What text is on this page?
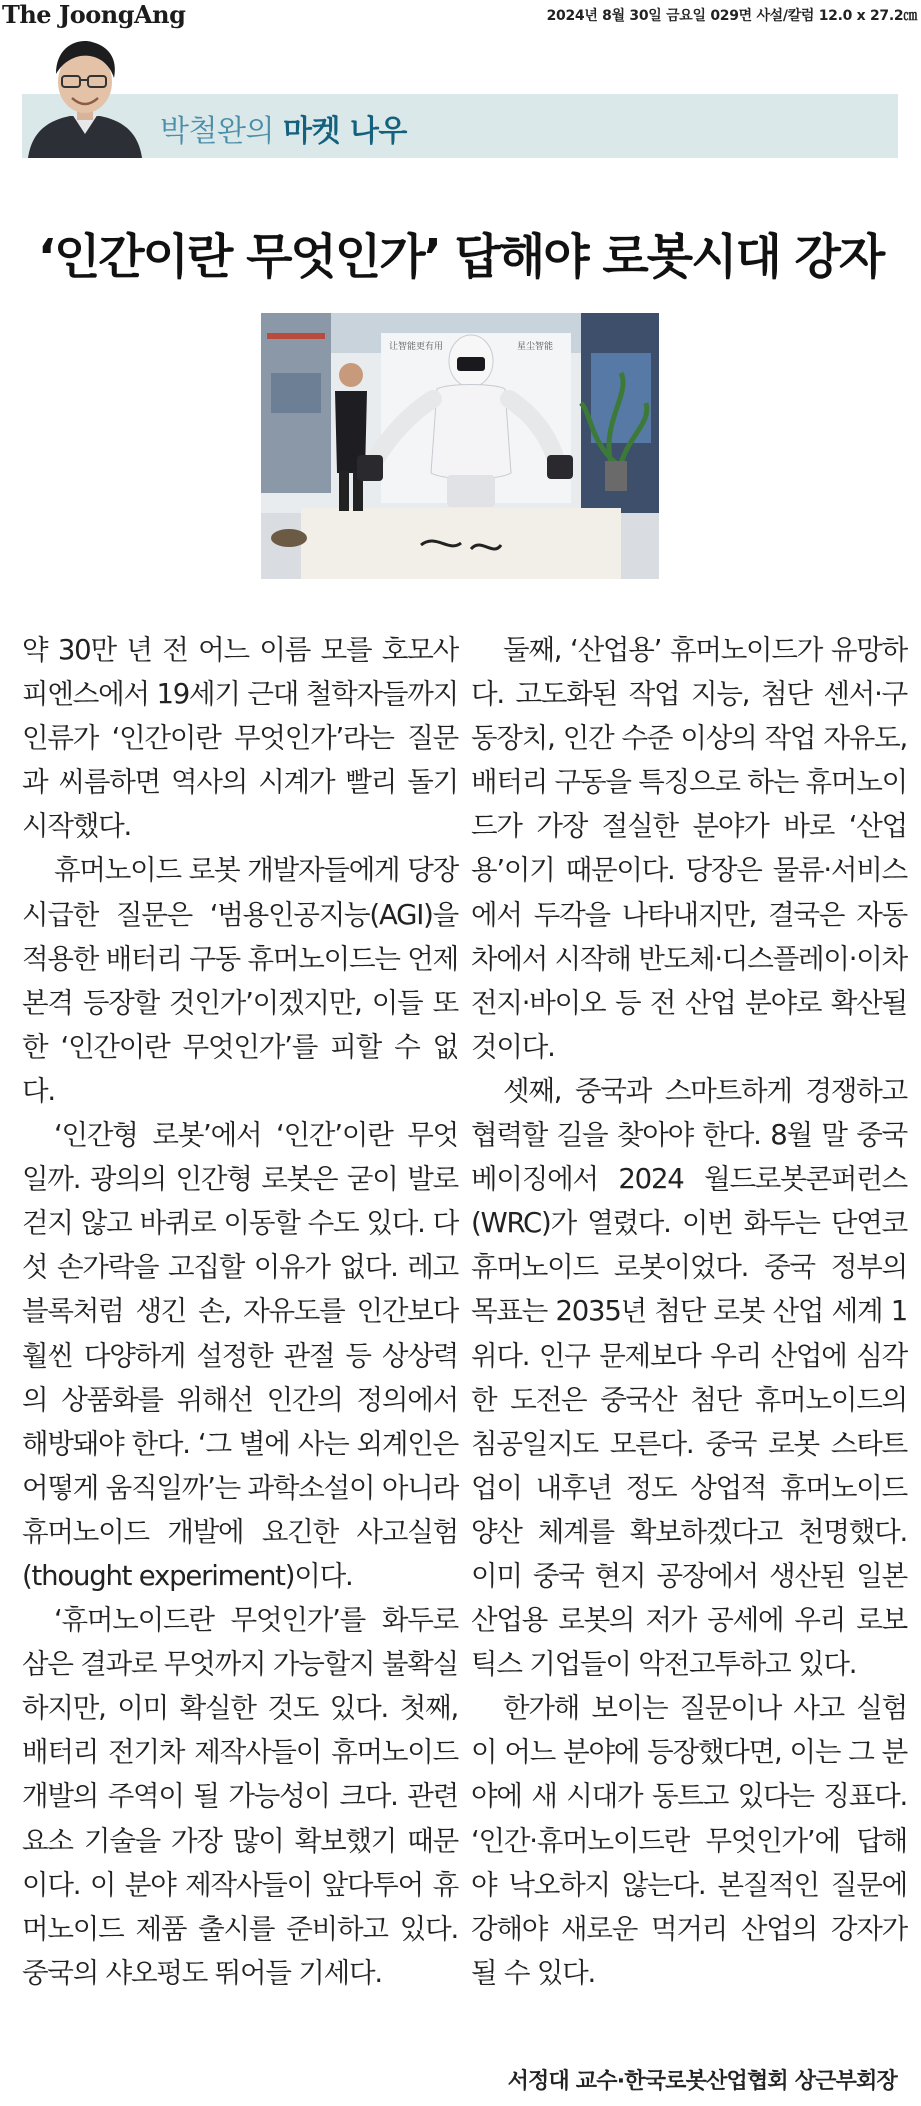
The JoongAng	2024년 8월 30일 금요일 029면 사설/칼럼 12.0 x 27.2㎝
박철완의 마켓 나우
‘인간이란 무엇인가’ 답해야 로봇시대 강자
让智能更有用	星尘智能

약 30만 년 전 어느 이름 모를 호모사피엔스에서 19세기 근대 철학자들까지 인류가 ‘인간이란 무엇인가’라는 질문과 씨름하면 역사의 시계가 빨리 돌기 시작했다.

휴머노이드 로봇 개발자들에게 당장 시급한 질문은 ‘범용인공지능(AGI)을 적용한 배터리 구동 휴머노이드는 언제 본격 등장할 것인가’이겠지만, 이들 또한 ‘인간이란 무엇인가’를 피할 수 없다.

‘인간형 로봇’에서 ‘인간’이란 무엇일까. 광의의 인간형 로봇은 굳이 발로 걷지 않고 바퀴로 이동할 수도 있다. 다섯 손가락을 고집할 이유가 없다. 레고 블록처럼 생긴 손, 자유도를 인간보다 훨씬 다양하게 설정한 관절 등 상상력의 상품화를 위해선 인간의 정의에서 해방돼야 한다. ‘그 별에 사는 외계인은 어떻게 움직일까’는 과학소설이 아니라 휴머노이드 개발에 요긴한 사고실험(thought experiment)이다.

‘휴머노이드란 무엇인가’를 화두로 삼은 결과로 무엇까지 가능할지 불확실하지만, 이미 확실한 것도 있다. 첫째, 배터리 전기차 제작사들이 휴머노이드 개발의 주역이 될 가능성이 크다. 관련 요소 기술을 가장 많이 확보했기 때문이다. 이 분야 제작사들이 앞다투어 휴머노이드 제품 출시를 준비하고 있다. 중국의 샤오펑도 뛰어들 기세다.

둘째, ‘산업용’ 휴머노이드가 유망하다. 고도화된 작업 지능, 첨단 센서·구동장치, 인간 수준 이상의 작업 자유도, 배터리 구동을 특징으로 하는 휴머노이드가 가장 절실한 분야가 바로 ‘산업용’이기 때문이다. 당장은 물류·서비스에서 두각을 나타내지만, 결국은 자동차에서 시작해 반도체·디스플레이·이차전지·바이오 등 전 산업 분야로 확산될 것이다.

셋째, 중국과 스마트하게 경쟁하고 협력할 길을 찾아야 한다. 8월 말 중국 베이징에서 2024 월드로봇콘퍼런스(WRC)가 열렸다. 이번 화두는 단연코 휴머노이드 로봇이었다. 중국 정부의 목표는 2035년 첨단 로봇 산업 세계 1위다. 인구 문제보다 우리 산업에 심각한 도전은 중국산 첨단 휴머노이드의 침공일지도 모른다. 중국 로봇 스타트업이 내후년 정도 상업적 휴머노이드 양산 체계를 확보하겠다고 천명했다. 이미 중국 현지 공장에서 생산된 일본 산업용 로봇의 저가 공세에 우리 로보틱스 기업들이 악전고투하고 있다.

한가해 보이는 질문이나 사고 실험이 어느 분야에 등장했다면, 이는 그 분야에 새 시대가 동트고 있다는 징표다. ‘인간·휴머노이드란 무엇인가’에 답해야 낙오하지 않는다. 본질적인 질문에 강해야 새로운 먹거리 산업의 강자가 될 수 있다.

서정대 교수·한국로봇산업협회 상근부회장
